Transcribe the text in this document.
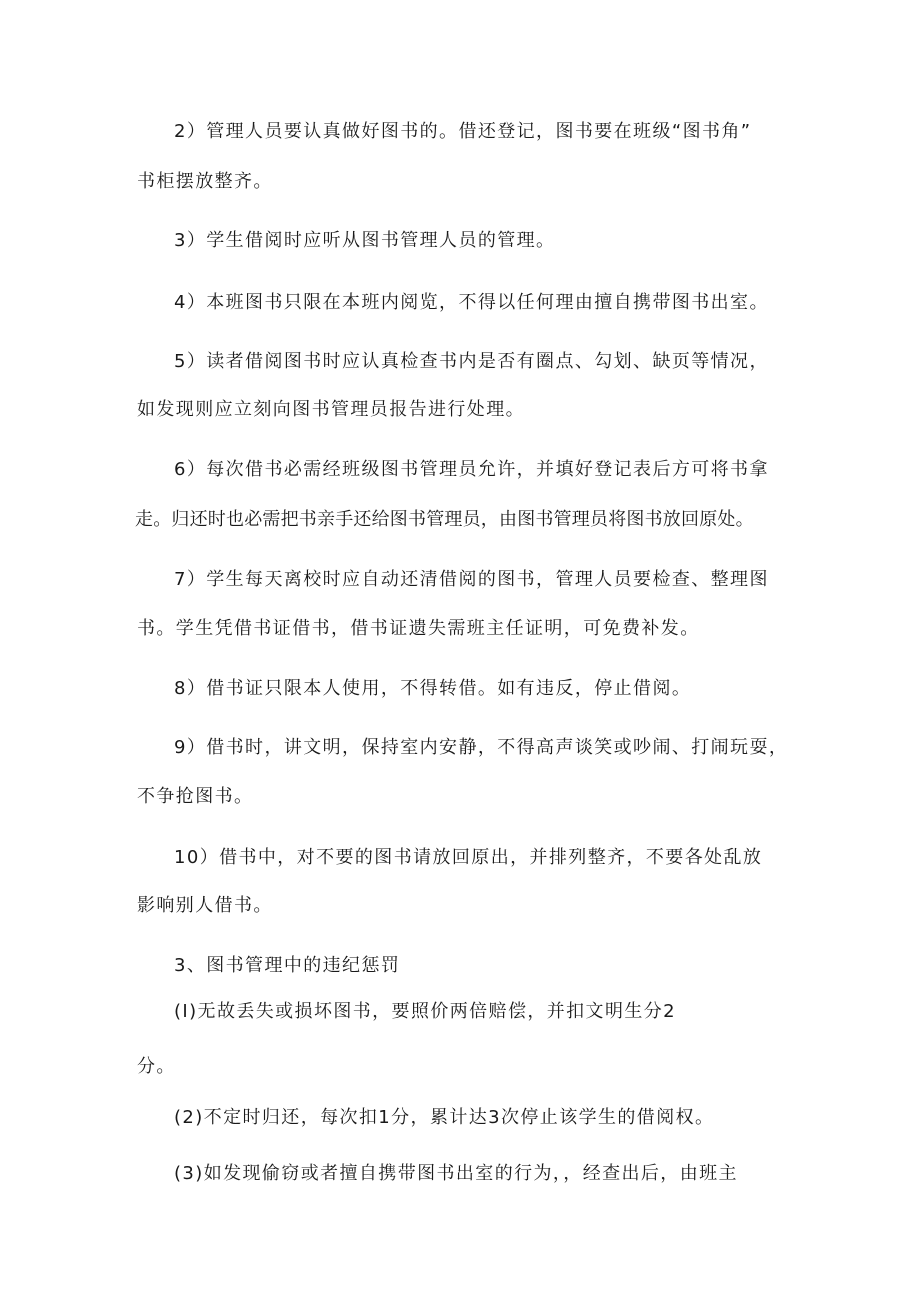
2）管理人员要认真做好图书的。借还登记，图书要在班级“图书角”

书柜摆放整齐。

3）学生借阅时应听从图书管理人员的管理。

4）本班图书只限在本班内阅览，不得以任何理由擅自携带图书出室。

5）读者借阅图书时应认真检查书内是否有圈点、勾划、缺页等情况，

如发现则应立刻向图书管理员报告进行处理。

6）每次借书必需经班级图书管理员允许，并填好登记表后方可将书拿

走。归还时也必需把书亲手还给图书管理员，由图书管理员将图书放回原处。

7）学生每天离校时应自动还清借阅的图书，管理人员要检查、整理图

书。学生凭借书证借书，借书证遗失需班主任证明，可免费补发。

8）借书证只限本人使用，不得转借。如有违反，停止借阅。

9）借书时，讲文明，保持室内安静，不得高声谈笑或吵闹、打闹玩耍，

不争抢图书。

10）借书中，对不要的图书请放回原出，并排列整齐，不要各处乱放

影响别人借书。

3、图书管理中的违纪惩罚

(I)无故丢失或损坏图书，要照价两倍赔偿，并扣文明生分2

分。

(2)不定时归还，每次扣1分，累计达3次停止该学生的借阅权。

(3)如发现偷窃或者擅自携带图书出室的行为，，经查出后，由班主
